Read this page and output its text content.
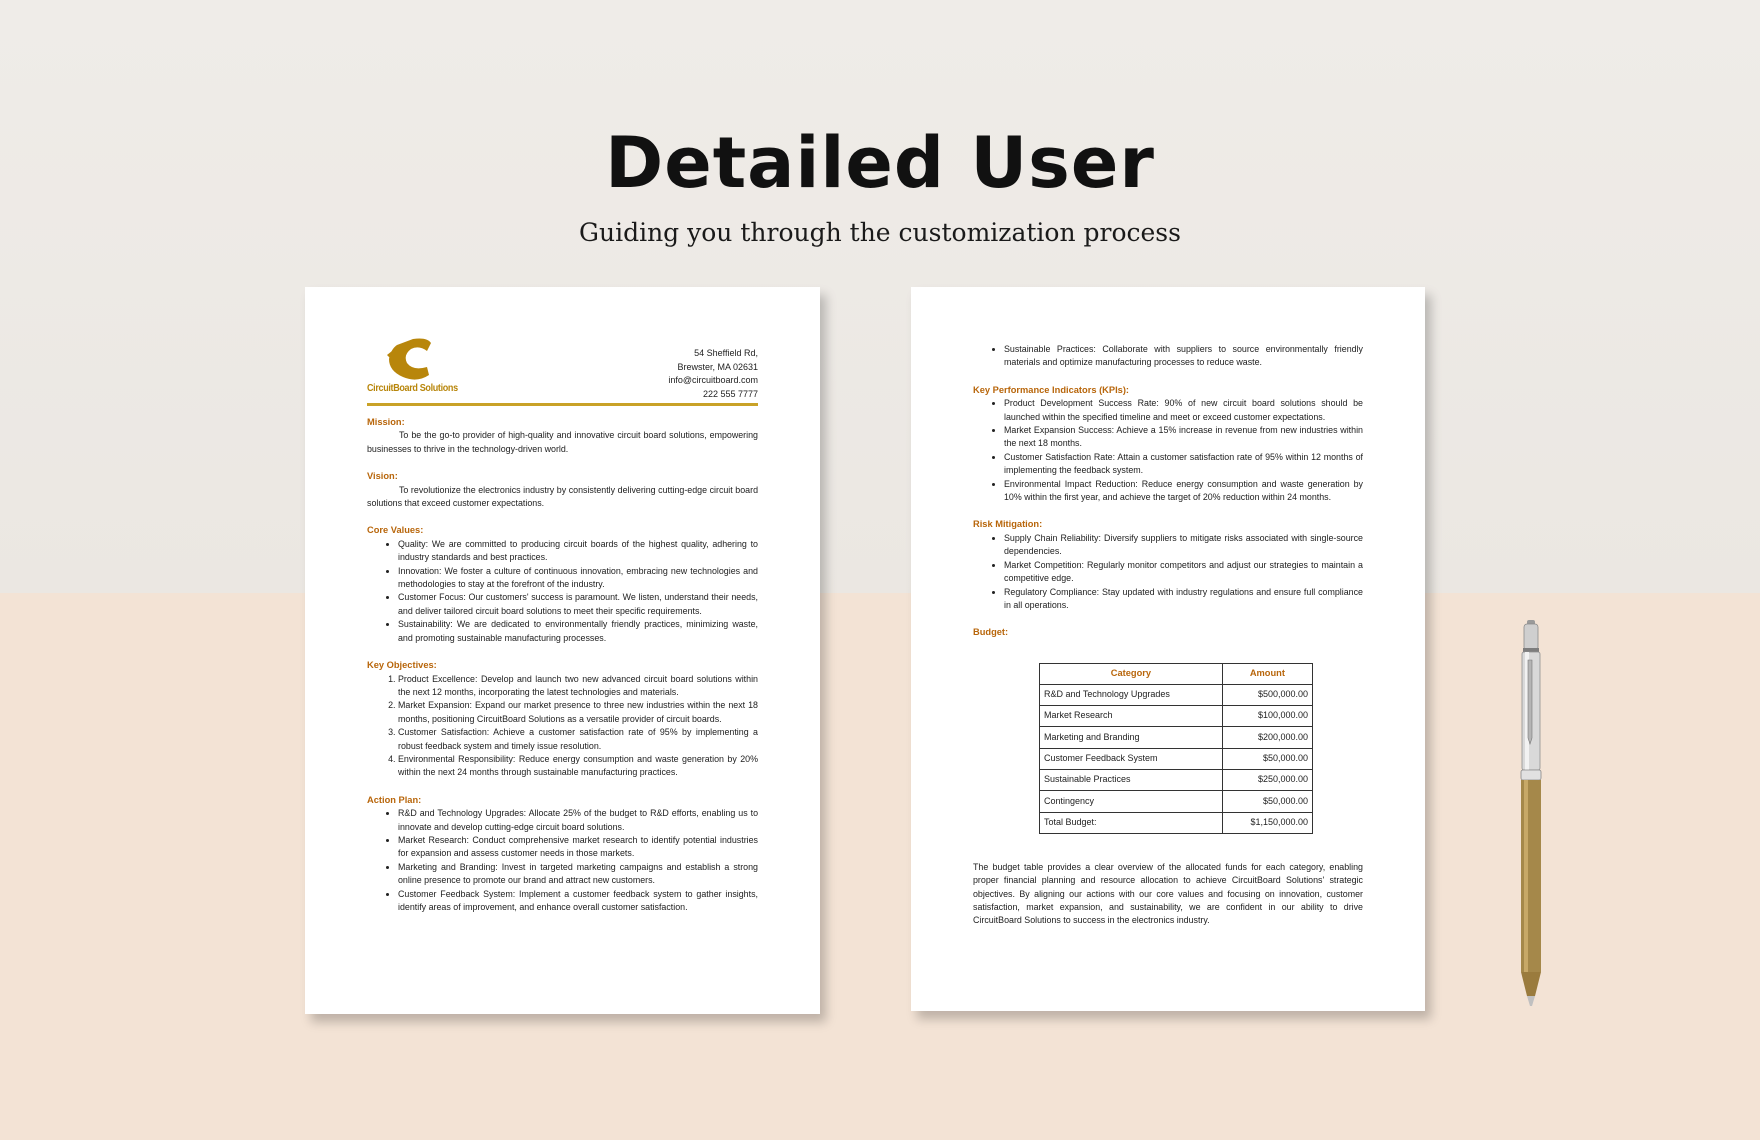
Detailed User
Guiding you through the customization process
CircuitBoard Solutions
54 Sheffield Rd,
Brewster, MA 02631
info@circuitboard.com
222 555 7777
Mission:
To be the go-to provider of high-quality and innovative circuit board solutions, empowering businesses to thrive in the technology-driven world.
Vision:
To revolutionize the electronics industry by consistently delivering cutting-edge circuit board solutions that exceed customer expectations.
Core Values:
• Quality: We are committed to producing circuit boards of the highest quality, adhering to industry standards and best practices.
• Innovation: We foster a culture of continuous innovation, embracing new technologies and methodologies to stay at the forefront of the industry.
• Customer Focus: Our customers' success is paramount. We listen, understand their needs, and deliver tailored circuit board solutions to meet their specific requirements.
• Sustainability: We are dedicated to environmentally friendly practices, minimizing waste, and promoting sustainable manufacturing processes.
Key Objectives:
1. Product Excellence: Develop and launch two new advanced circuit board solutions within the next 12 months, incorporating the latest technologies and materials.
2. Market Expansion: Expand our market presence to three new industries within the next 18 months, positioning CircuitBoard Solutions as a versatile provider of circuit boards.
3. Customer Satisfaction: Achieve a customer satisfaction rate of 95% by implementing a robust feedback system and timely issue resolution.
4. Environmental Responsibility: Reduce energy consumption and waste generation by 20% within the next 24 months through sustainable manufacturing practices.
Action Plan:
• R&D and Technology Upgrades: Allocate 25% of the budget to R&D efforts, enabling us to innovate and develop cutting-edge circuit board solutions.
• Market Research: Conduct comprehensive market research to identify potential industries for expansion and assess customer needs in those markets.
• Marketing and Branding: Invest in targeted marketing campaigns and establish a strong online presence to promote our brand and attract new customers.
• Customer Feedback System: Implement a customer feedback system to gather insights, identify areas of improvement, and enhance overall customer satisfaction.
• Sustainable Practices: Collaborate with suppliers to source environmentally friendly materials and optimize manufacturing processes to reduce waste.
Key Performance Indicators (KPIs):
• Product Development Success Rate: 90% of new circuit board solutions should be launched within the specified timeline and meet or exceed customer expectations.
• Market Expansion Success: Achieve a 15% increase in revenue from new industries within the next 18 months.
• Customer Satisfaction Rate: Attain a customer satisfaction rate of 95% within 12 months of implementing the feedback system.
• Environmental Impact Reduction: Reduce energy consumption and waste generation by 10% within the first year, and achieve the target of 20% reduction within 24 months.
Risk Mitigation:
• Supply Chain Reliability: Diversify suppliers to mitigate risks associated with single-source dependencies.
• Market Competition: Regularly monitor competitors and adjust our strategies to maintain a competitive edge.
• Regulatory Compliance: Stay updated with industry regulations and ensure full compliance in all operations.
Budget:
Category	Amount
R&D and Technology Upgrades	$500,000.00
Market Research	$100,000.00
Marketing and Branding	$200,000.00
Customer Feedback System	$50,000.00
Sustainable Practices	$250,000.00
Contingency	$50,000.00
Total Budget:	$1,150,000.00
The budget table provides a clear overview of the allocated funds for each category, enabling proper financial planning and resource allocation to achieve CircuitBoard Solutions' strategic objectives. By aligning our actions with our core values and focusing on innovation, customer satisfaction, market expansion, and sustainability, we are confident in our ability to drive CircuitBoard Solutions to success in the electronics industry.
